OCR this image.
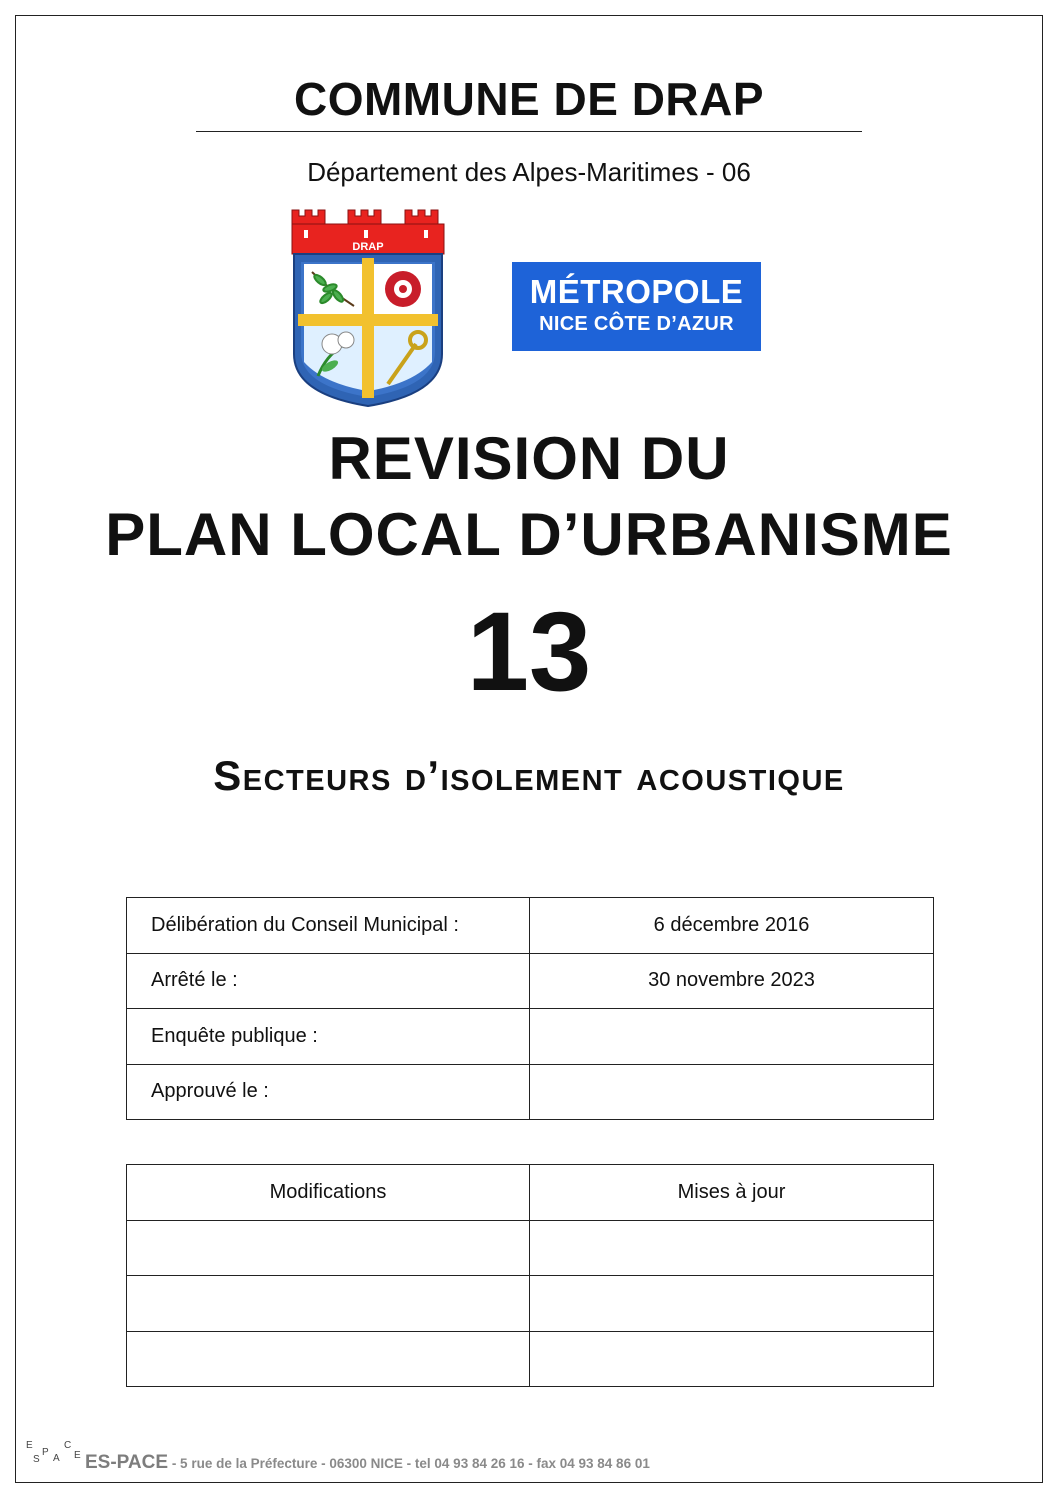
COMMUNE DE DRAP
Département des Alpes-Maritimes - 06
DRAP
MÉTROPOLE
NICE CÔTE D’AZUR
REVISION DU
PLAN LOCAL D’URBANISME
13
Secteurs d’isolement acoustique
Délibération du Conseil Municipal :	6 décembre 2016
Arrêté le :	30 novembre 2023
Enquête publique :	
Approuvé le :	
Modifications	Mises à jour

E
S
P
A
C
E ES-PACE - 5 rue de la Préfecture - 06300 NICE - tel 04 93 84 26 16 - fax 04 93 84 86 01
